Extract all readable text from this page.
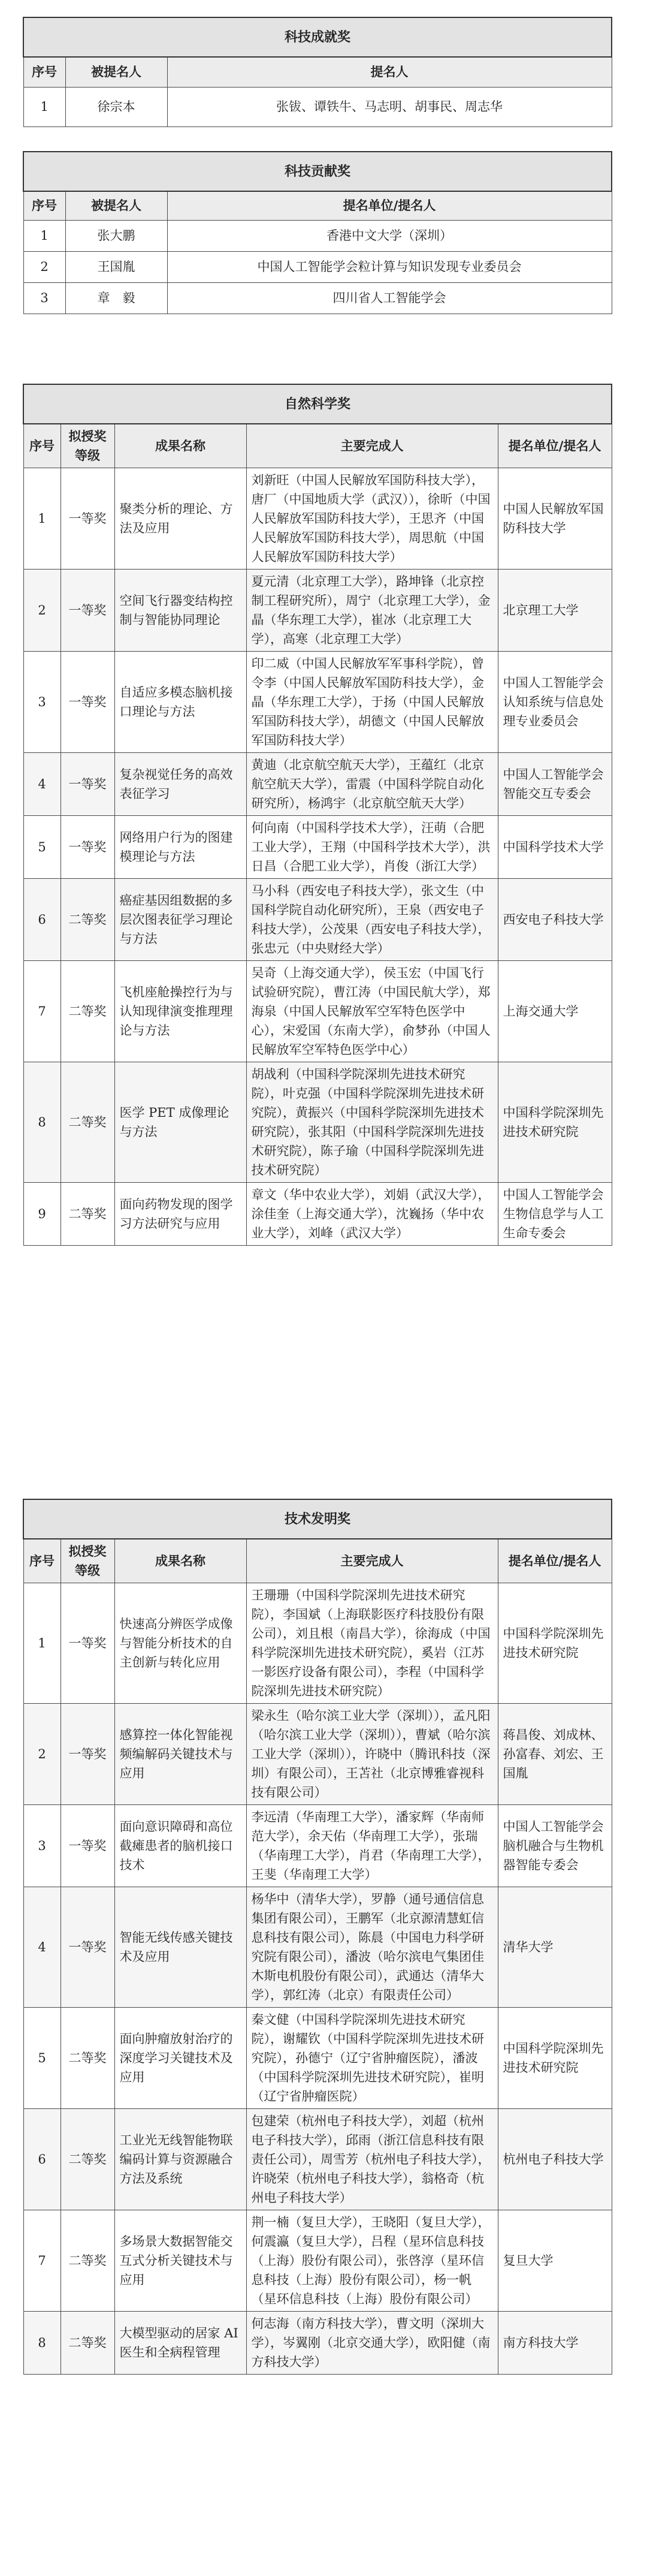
科技成就奖		
序号	被提名人	提名人
1	徐宗本	张钹、谭铁牛、马志明、胡事民、周志华
科技贡献奖		
序号	被提名人	提名单位/提名人
1	张大鹏	香港中文大学（深圳）
2	王国胤	中国人工智能学会粒计算与知识发现专业委员会
3	章　毅	四川省人工智能学会
自然科学奖				
序号	拟授奖等级	成果名称	主要完成人	提名单位/提名人
1	一等奖	聚类分析的理论、方法及应用	刘新旺（中国人民解放军国防科技大学），唐厂（中国地质大学（武汉）），徐昕（中国人民解放军国防科技大学），王思齐（中国人民解放军国防科技大学），周思航（中国人民解放军国防科技大学）	中国人民解放军国防科技大学
2	一等奖	空间飞行器变结构控制与智能协同理论	夏元清（北京理工大学），路坤锋（北京控制工程研究所），周宁（北京理工大学），金晶（华东理工大学），崔冰（北京理工大学），高寒（北京理工大学）	北京理工大学
3	一等奖	自适应多模态脑机接口理论与方法	印二威（中国人民解放军军事科学院），曾令李（中国人民解放军国防科技大学），金晶（华东理工大学），于扬（中国人民解放军国防科技大学），胡德文（中国人民解放军国防科技大学）	中国人工智能学会认知系统与信息处理专业委员会
4	一等奖	复杂视觉任务的高效表征学习	黄迪（北京航空航天大学），王蕴红（北京航空航天大学），雷震（中国科学院自动化研究所），杨鸿宇（北京航空航天大学）	中国人工智能学会智能交互专委会
5	一等奖	网络用户行为的图建模理论与方法	何向南（中国科学技术大学），汪萌（合肥工业大学），王翔（中国科学技术大学），洪日昌（合肥工业大学），肖俊（浙江大学）	中国科学技术大学
6	二等奖	癌症基因组数据的多层次图表征学习理论与方法	马小科（西安电子科技大学），张文生（中国科学院自动化研究所），王泉（西安电子科技大学），公茂果（西安电子科技大学），张忠元（中央财经大学）	西安电子科技大学
7	二等奖	飞机座舱操控行为与认知现律演变推理理论与方法	吴奇（上海交通大学），侯玉宏（中国飞行试验研究院），曹江涛（中国民航大学），郑海泉（中国人民解放军空军特色医学中心），宋爱国（东南大学），俞梦孙（中国人民解放军空军特色医学中心）	上海交通大学
8	二等奖	医学 PET 成像理论与方法	胡战利（中国科学院深圳先进技术研究院），叶克强（中国科学院深圳先进技术研究院），黄振兴（中国科学院深圳先进技术研究院），张其阳（中国科学院深圳先进技术研究院），陈子瑜（中国科学院深圳先进技术研究院）	中国科学院深圳先进技术研究院
9	二等奖	面向药物发现的图学习方法研究与应用	章文（华中农业大学），刘娟（武汉大学），涂佳奎（上海交通大学），沈巍扬（华中农业大学），刘峰（武汉大学）	中国人工智能学会生物信息学与人工生命专委会
技术发明奖				
序号	拟授奖等级	成果名称	主要完成人	提名单位/提名人
1	一等奖	快速高分辨医学成像与智能分析技术的自主创新与转化应用	王珊珊（中国科学院深圳先进技术研究院），李国斌（上海联影医疗科技股份有限公司），刘且根（南昌大学），徐海成（中国科学院深圳先进技术研究院），奚岩（江苏一影医疗设备有限公司），李程（中国科学院深圳先进技术研究院）	中国科学院深圳先进技术研究院
2	一等奖	感算控一体化智能视频编解码关键技术与应用	梁永生（哈尔滨工业大学（深圳）），孟凡阳（哈尔滨工业大学（深圳）），曹斌（哈尔滨工业大学（深圳）），许晓中（腾讯科技（深圳）有限公司），王苫社（北京博雅睿视科技有限公司）	蒋昌俊、刘成林、孙富春、刘宏、王国胤
3	一等奖	面向意识障碍和高位截瘫患者的脑机接口技术	李远清（华南理工大学），潘家辉（华南师范大学），余天佑（华南理工大学），张瑞（华南理工大学），肖君（华南理工大学），王斐（华南理工大学）	中国人工智能学会脑机融合与生物机器智能专委会
4	一等奖	智能无线传感关键技术及应用	杨华中（清华大学），罗静（通号通信信息集团有限公司），王鹏军（北京源清慧虹信息科技有限公司），陈晨（中国电力科学研究院有限公司），潘波（哈尔滨电气集团佳木斯电机股份有限公司），武通达（清华大学），郭红涛（北京）有限责任公司）	清华大学
5	二等奖	面向肿瘤放射治疗的深度学习关键技术及应用	秦文健（中国科学院深圳先进技术研究院），谢耀钦（中国科学院深圳先进技术研究院），孙德宁（辽宁省肿瘤医院），潘波（中国科学院深圳先进技术研究院），崔明（辽宁省肿瘤医院）	中国科学院深圳先进技术研究院
6	二等奖	工业光无线智能物联编码计算与资源融合方法及系统	包建荣（杭州电子科技大学），刘超（杭州电子科技大学），邱雨（浙江信息科技有限责任公司），周雪芳（杭州电子科技大学），许晓荣（杭州电子科技大学），翁格奇（杭州电子科技大学）	杭州电子科技大学
7	二等奖	多场景大数据智能交互式分析关键技术与应用	荆一楠（复旦大学），王晓阳（复旦大学），何震瀛（复旦大学），吕程（星环信息科技（上海）股份有限公司），张啓淳（星环信息科技（上海）股份有限公司），杨一帆（星环信息科技（上海）股份有限公司）	复旦大学
8	二等奖	大模型驱动的居家 AI 医生和全病程管理	何志海（南方科技大学），曹文明（深圳大学），岑翼刚（北京交通大学），欧阳健（南方科技大学）	南方科技大学
